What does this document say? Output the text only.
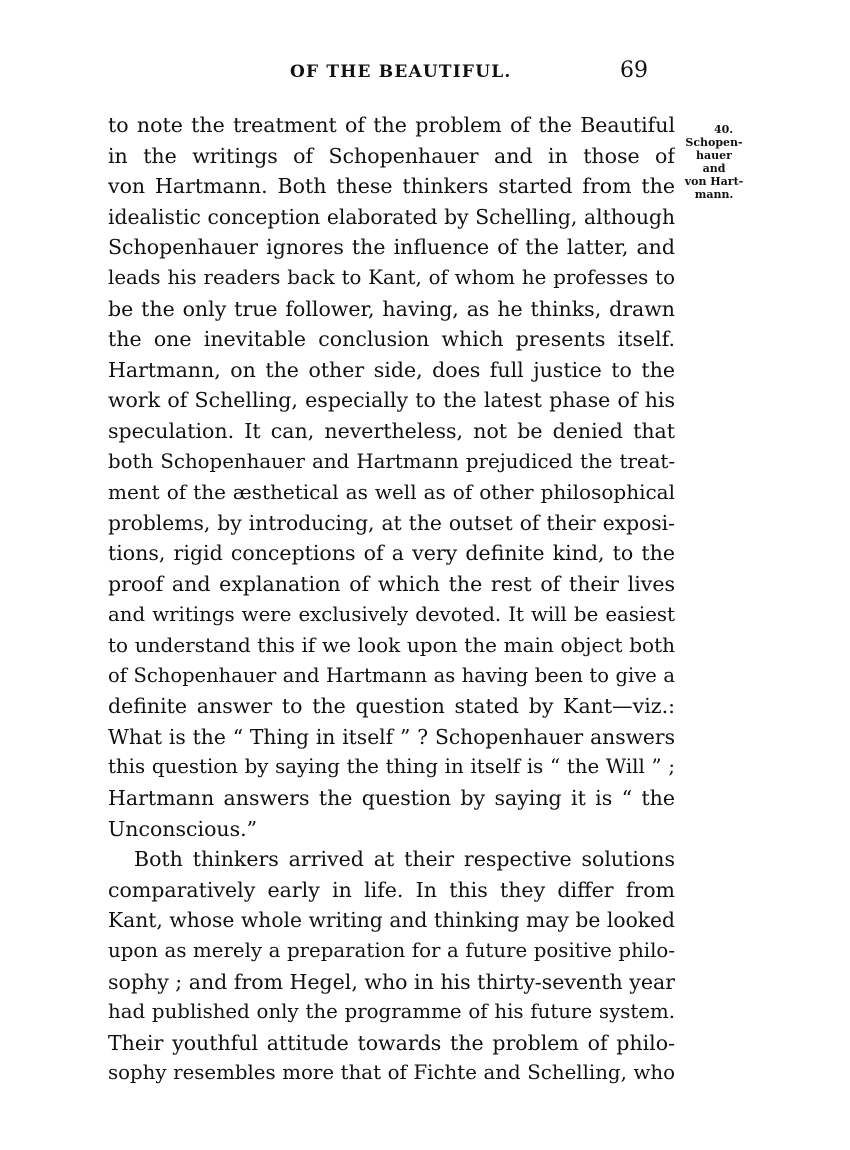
OF THE BEAUTIFUL.	69
40.
Schopen-
hauer and
von Hart-
mann.
to note the treatment of the problem of the Beautiful
in the writings of Schopenhauer and in those of
von Hartmann. Both these thinkers started from the
idealistic conception elaborated by Schelling, although
Schopenhauer ignores the influence of the latter, and
leads his readers back to Kant, of whom he professes to
be the only true follower, having, as he thinks, drawn
the one inevitable conclusion which presents itself.
Hartmann, on the other side, does full justice to the
work of Schelling, especially to the latest phase of his
speculation. It can, nevertheless, not be denied that
both Schopenhauer and Hartmann prejudiced the treat-
ment of the æsthetical as well as of other philosophical
problems, by introducing, at the outset of their exposi-
tions, rigid conceptions of a very definite kind, to the
proof and explanation of which the rest of their lives
and writings were exclusively devoted. It will be easiest
to understand this if we look upon the main object both
of Schopenhauer and Hartmann as having been to give a
definite answer to the question stated by Kant—viz.:
What is the “ Thing in itself ” ? Schopenhauer answers
this question by saying the thing in itself is “ the Will ” ;
Hartmann answers the question by saying it is “ the
Unconscious.”
Both thinkers arrived at their respective solutions
comparatively early in life. In this they differ from
Kant, whose whole writing and thinking may be looked
upon as merely a preparation for a future positive philo-
sophy ; and from Hegel, who in his thirty-seventh year
had published only the programme of his future system.
Their youthful attitude towards the problem of philo-
sophy resembles more that of Fichte and Schelling, who
